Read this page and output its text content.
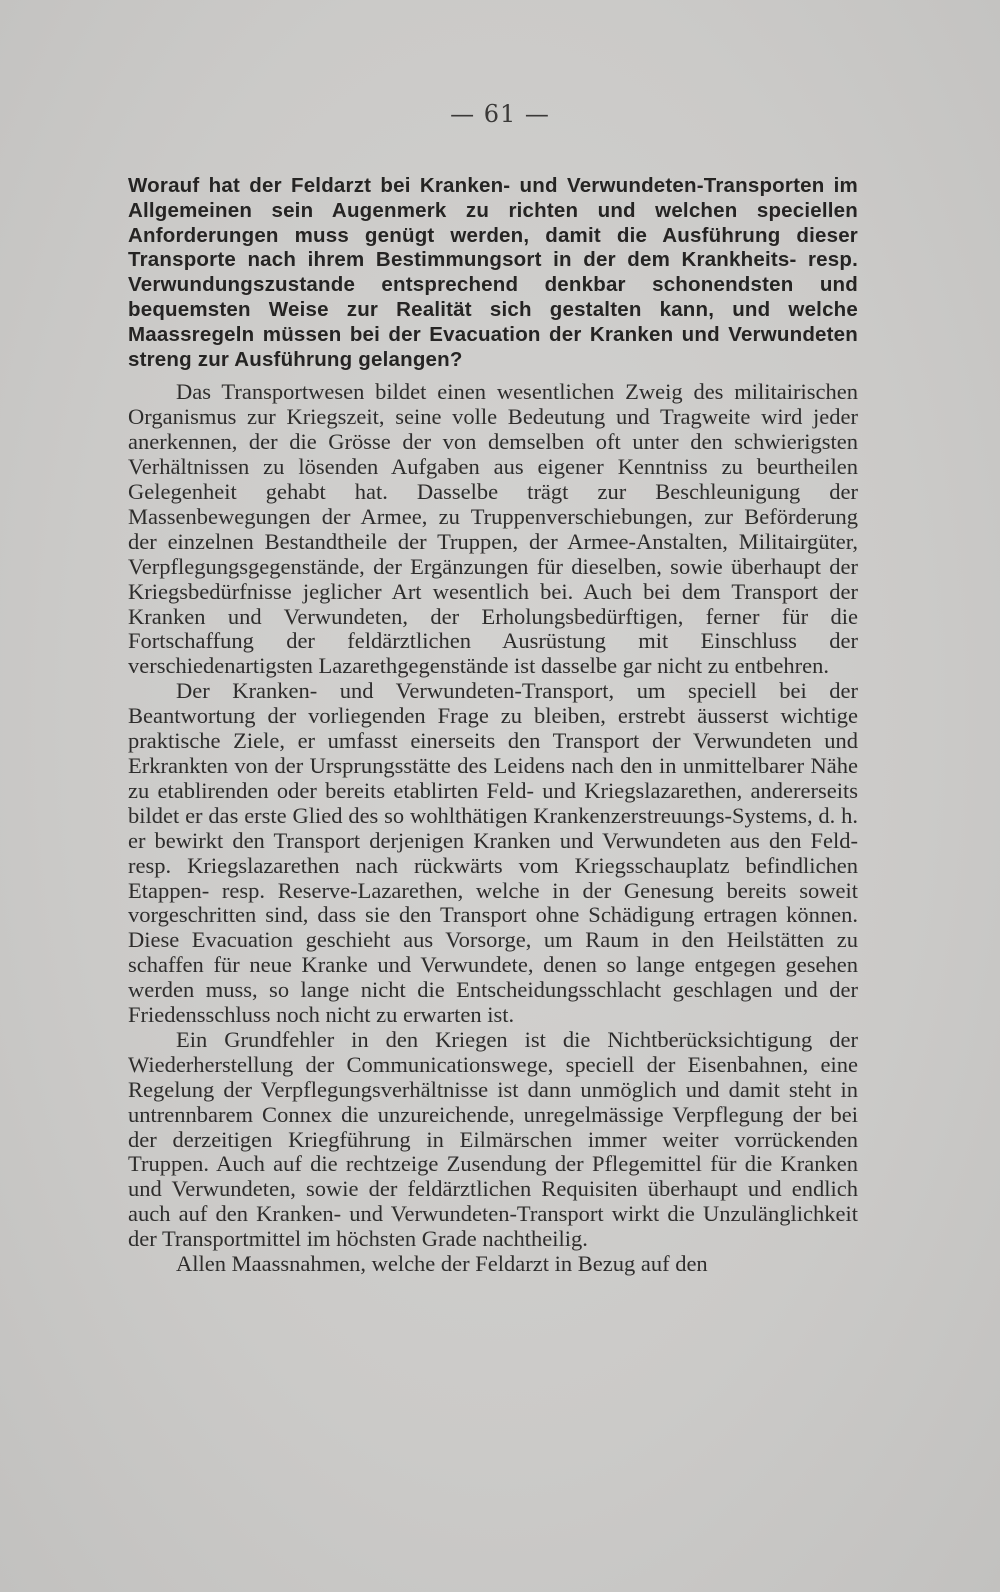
— 61 —

Worauf hat der Feldarzt bei Kranken- und Verwundeten-Transporten im Allgemeinen sein Augenmerk zu richten und welchen speciellen Anforderungen muss genügt werden, damit die Ausführung dieser Transporte nach ihrem Bestimmungsort in der dem Krankheits- resp. Verwundungszustande entsprechend denkbar schonendsten und bequemsten Weise zur Realität sich gestalten kann, und welche Maassregeln müssen bei der Evacuation der Kranken und Verwundeten streng zur Ausführung gelangen?

Das Transportwesen bildet einen wesentlichen Zweig des militairischen Organismus zur Kriegszeit, seine volle Bedeutung und Tragweite wird jeder anerkennen, der die Grösse der von demselben oft unter den schwierigsten Verhältnissen zu lösenden Aufgaben aus eigener Kenntniss zu beurtheilen Gelegenheit gehabt hat. Dasselbe trägt zur Beschleunigung der Massenbewegungen der Armee, zu Truppenverschiebungen, zur Beförderung der einzelnen Bestandtheile der Truppen, der Armee-Anstalten, Militairgüter, Verpflegungsgegenstände, der Ergänzungen für dieselben, sowie überhaupt der Kriegsbedürfnisse jeglicher Art wesentlich bei. Auch bei dem Transport der Kranken und Verwundeten, der Erholungsbedürftigen, ferner für die Fortschaffung der feldärztlichen Ausrüstung mit Einschluss der verschiedenartigsten Lazarethgegenstände ist dasselbe gar nicht zu entbehren.

Der Kranken- und Verwundeten-Transport, um speciell bei der Beantwortung der vorliegenden Frage zu bleiben, erstrebt äusserst wichtige praktische Ziele, er umfasst einerseits den Transport der Verwundeten und Erkrankten von der Ursprungsstätte des Leidens nach den in unmittelbarer Nähe zu etablirenden oder bereits etablirten Feld- und Kriegslazarethen, andererseits bildet er das erste Glied des so wohlthätigen Krankenzerstreuungs-Systems, d. h. er bewirkt den Transport derjenigen Kranken und Verwundeten aus den Feld- resp. Kriegslazarethen nach rückwärts vom Kriegsschauplatz befindlichen Etappen- resp. Reserve-Lazarethen, welche in der Genesung bereits soweit vorgeschritten sind, dass sie den Transport ohne Schädigung ertragen können. Diese Evacuation geschieht aus Vorsorge, um Raum in den Heilstätten zu schaffen für neue Kranke und Verwundete, denen so lange entgegen gesehen werden muss, so lange nicht die Entscheidungsschlacht geschlagen und der Friedensschluss noch nicht zu erwarten ist.

Ein Grundfehler in den Kriegen ist die Nichtberücksichtigung der Wiederherstellung der Communicationswege, speciell der Eisenbahnen, eine Regelung der Verpflegungsverhältnisse ist dann unmöglich und damit steht in untrennbarem Connex die unzureichende, unregelmässige Verpflegung der bei der derzeitigen Kriegführung in Eilmärschen immer weiter vorrückenden Truppen. Auch auf die rechtzeige Zusendung der Pflegemittel für die Kranken und Verwundeten, sowie der feldärztlichen Requisiten überhaupt und endlich auch auf den Kranken- und Verwundeten-Transport wirkt die Unzulänglichkeit der Transportmittel im höchsten Grade nachtheilig.

Allen Maassnahmen, welche der Feldarzt in Bezug auf den
